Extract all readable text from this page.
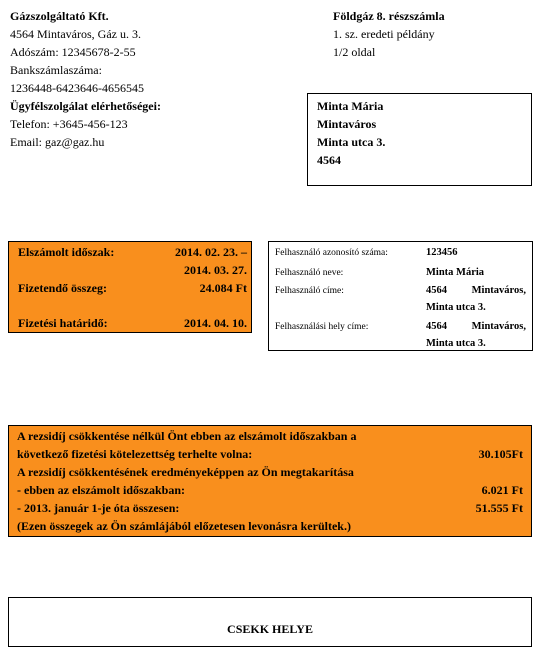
Gázszolgáltató Kft.
4564 Mintaváros, Gáz u. 3.
Adószám: 12345678-2-55
Bankszámlaszáma:
1236448-6423646-4656545
Ügyfélszolgálat elérhetőségei:
Telefon: +3645-456-123
Email: gaz@gaz.hu
Földgáz 8. részszámla
1. sz. eredeti példány
1/2 oldal
Minta Mária
Mintaváros
Minta utca 3.
4564
Elszámolt időszak:	2014. 02. 23. –
2014. 03. 27.
Fizetendő összeg:	24.084 Ft
Fizetési határidő:	2014. 04. 10.
Felhasználó azonosító száma:	123456
Felhasználó neve:	Minta Mária
Felhasználó címe:	4564 Mintaváros,
Minta utca 3.
Felhasználási hely címe:	4564 Mintaváros,
Minta utca 3.
A rezsidíj csökkentése nélkül Önt ebben az elszámolt időszakban a
következő fizetési kötelezettség terhelte volna:	30.105Ft
A rezsidíj csökkentésének eredményeképpen az Ön megtakarítása
- ebben az elszámolt időszakban:	6.021 Ft
- 2013. január 1-je óta összesen:	51.555 Ft
(Ezen összegek az Ön számlájából előzetesen levonásra kerültek.)
CSEKK HELYE
